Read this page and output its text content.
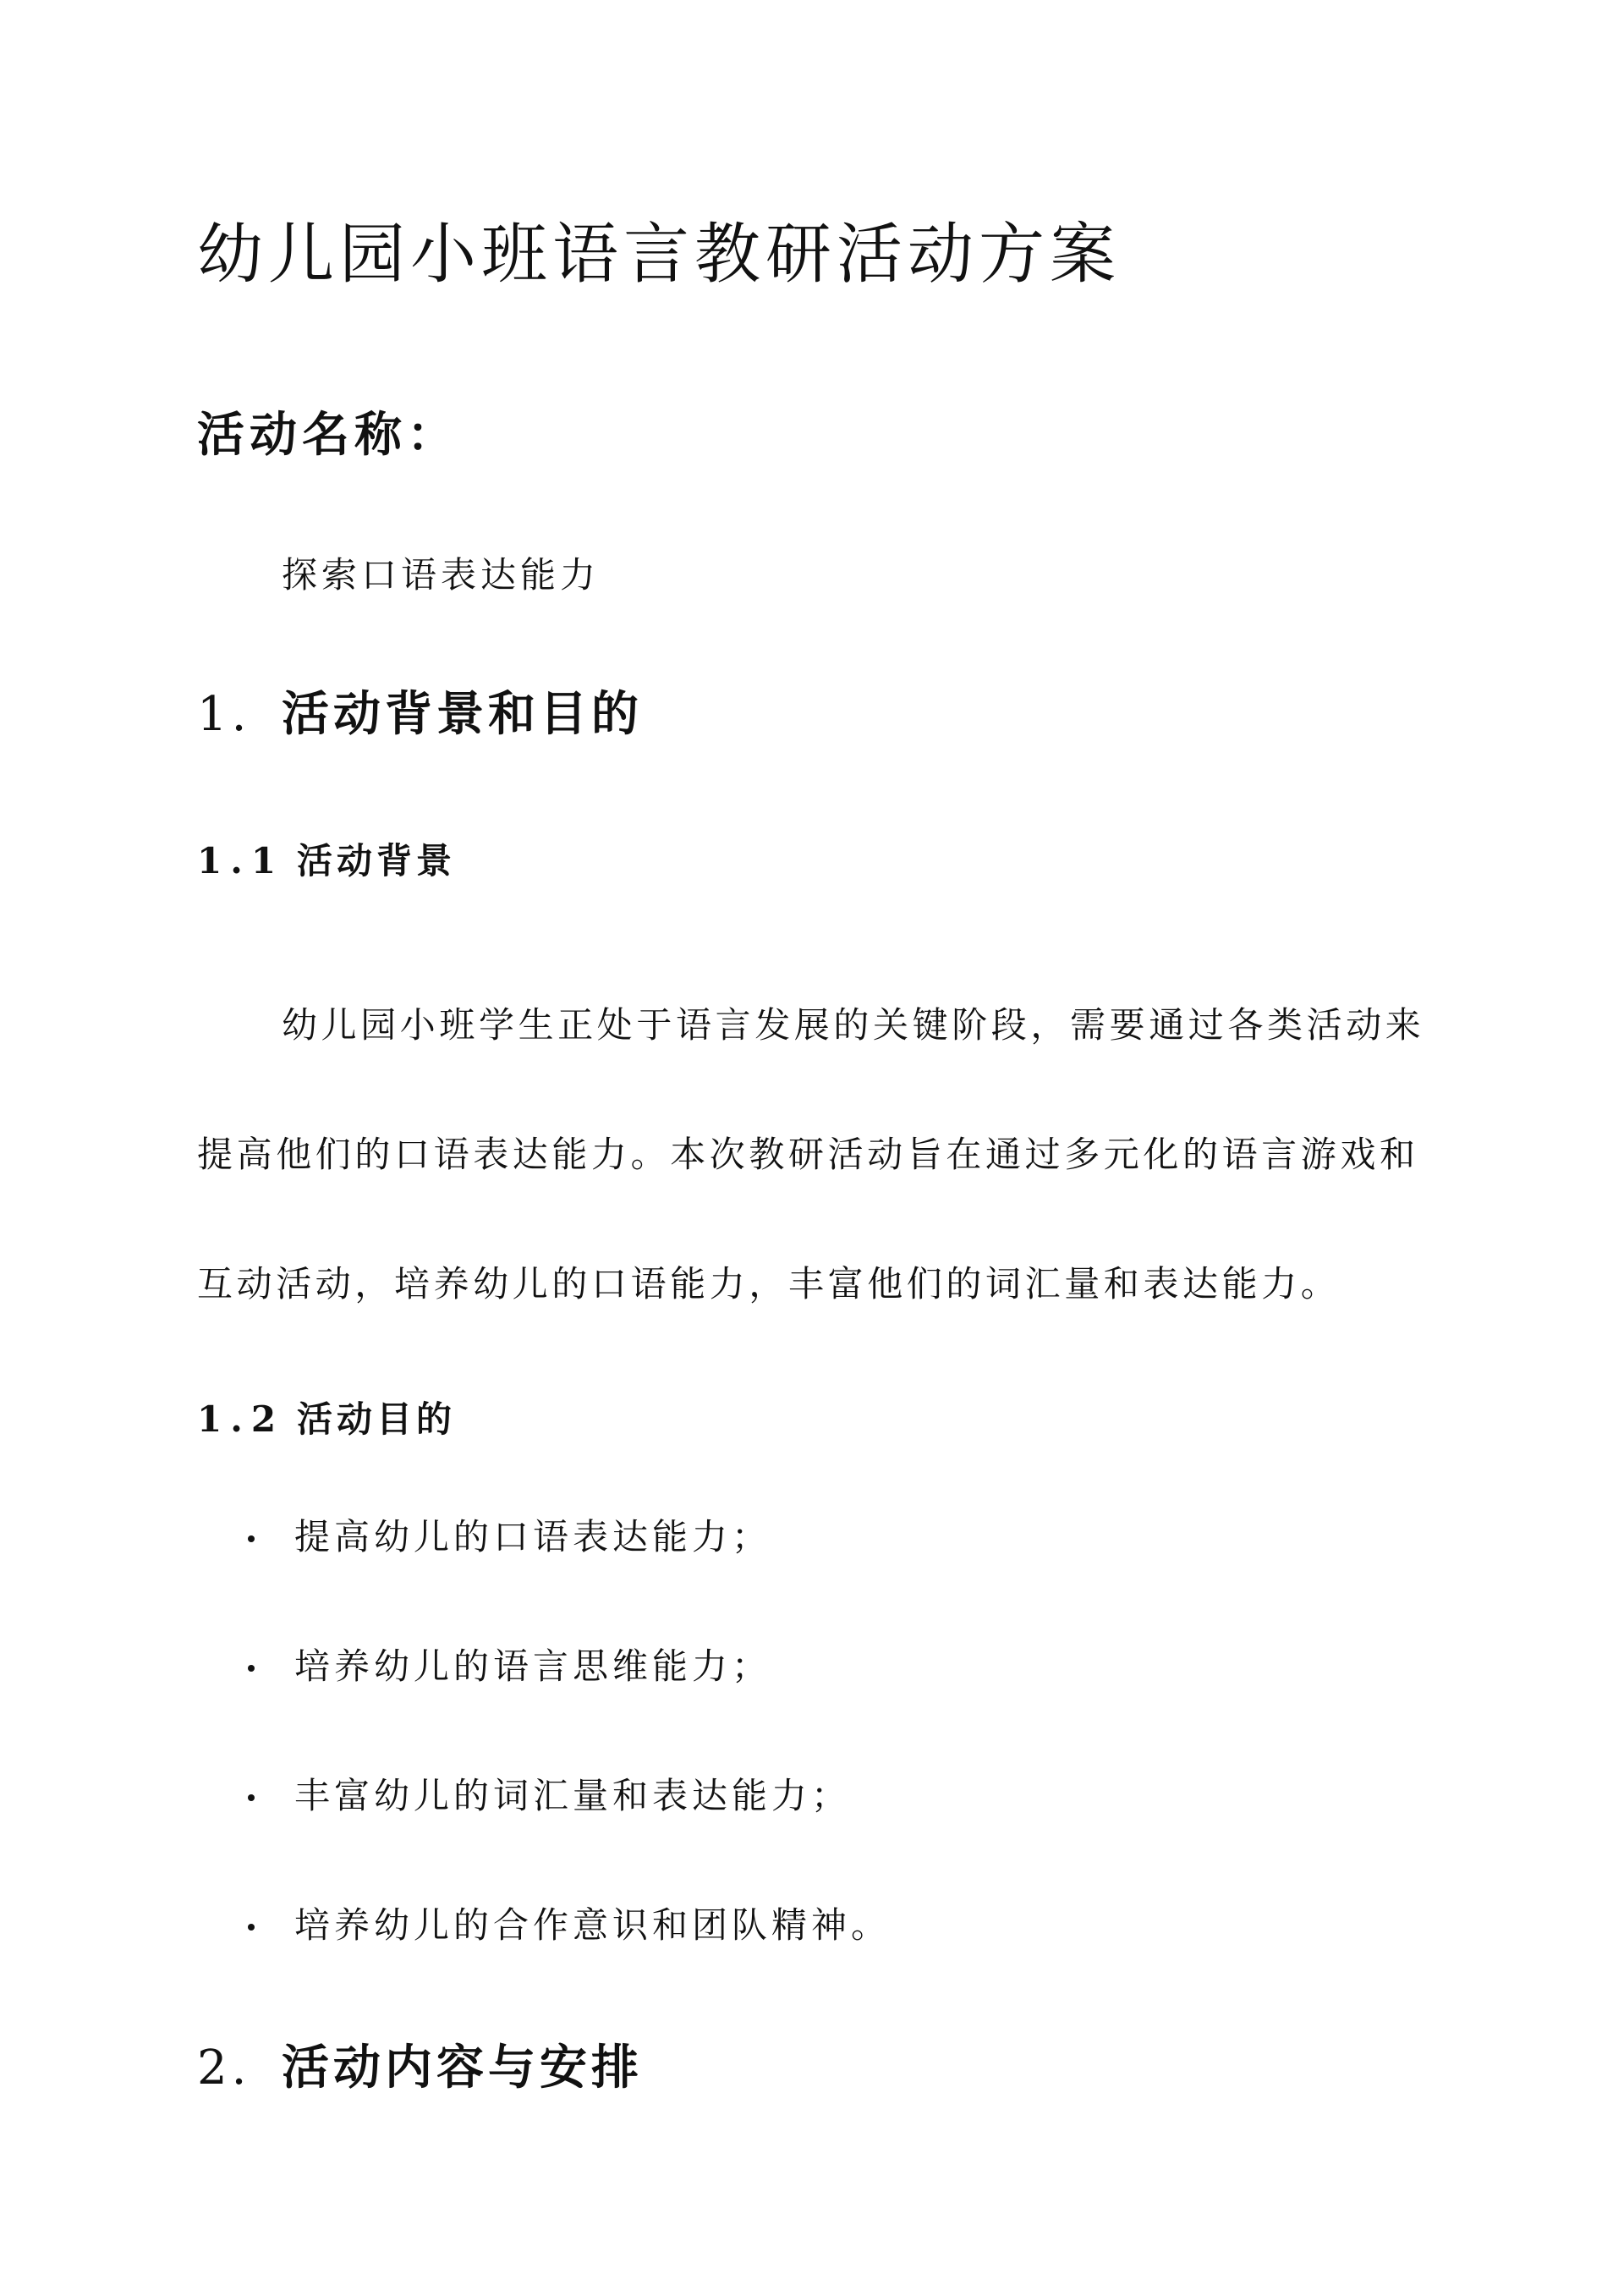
幼儿园小班语言教研活动方案
活动名称：

探索口语表达能力

1. 活动背景和目的
1.1 活动背景

幼儿园小班学生正处于语言发展的关键阶段，需要通过各类活动来提高他们的口语表达能力。本次教研活动旨在通过多元化的语言游戏和互动活动，培养幼儿的口语能力，丰富他们的词汇量和表达能力。

1.2 活动目的
提高幼儿的口语表达能力；
培养幼儿的语言思维能力；
丰富幼儿的词汇量和表达能力；
培养幼儿的合作意识和团队精神。
2. 活动内容与安排
